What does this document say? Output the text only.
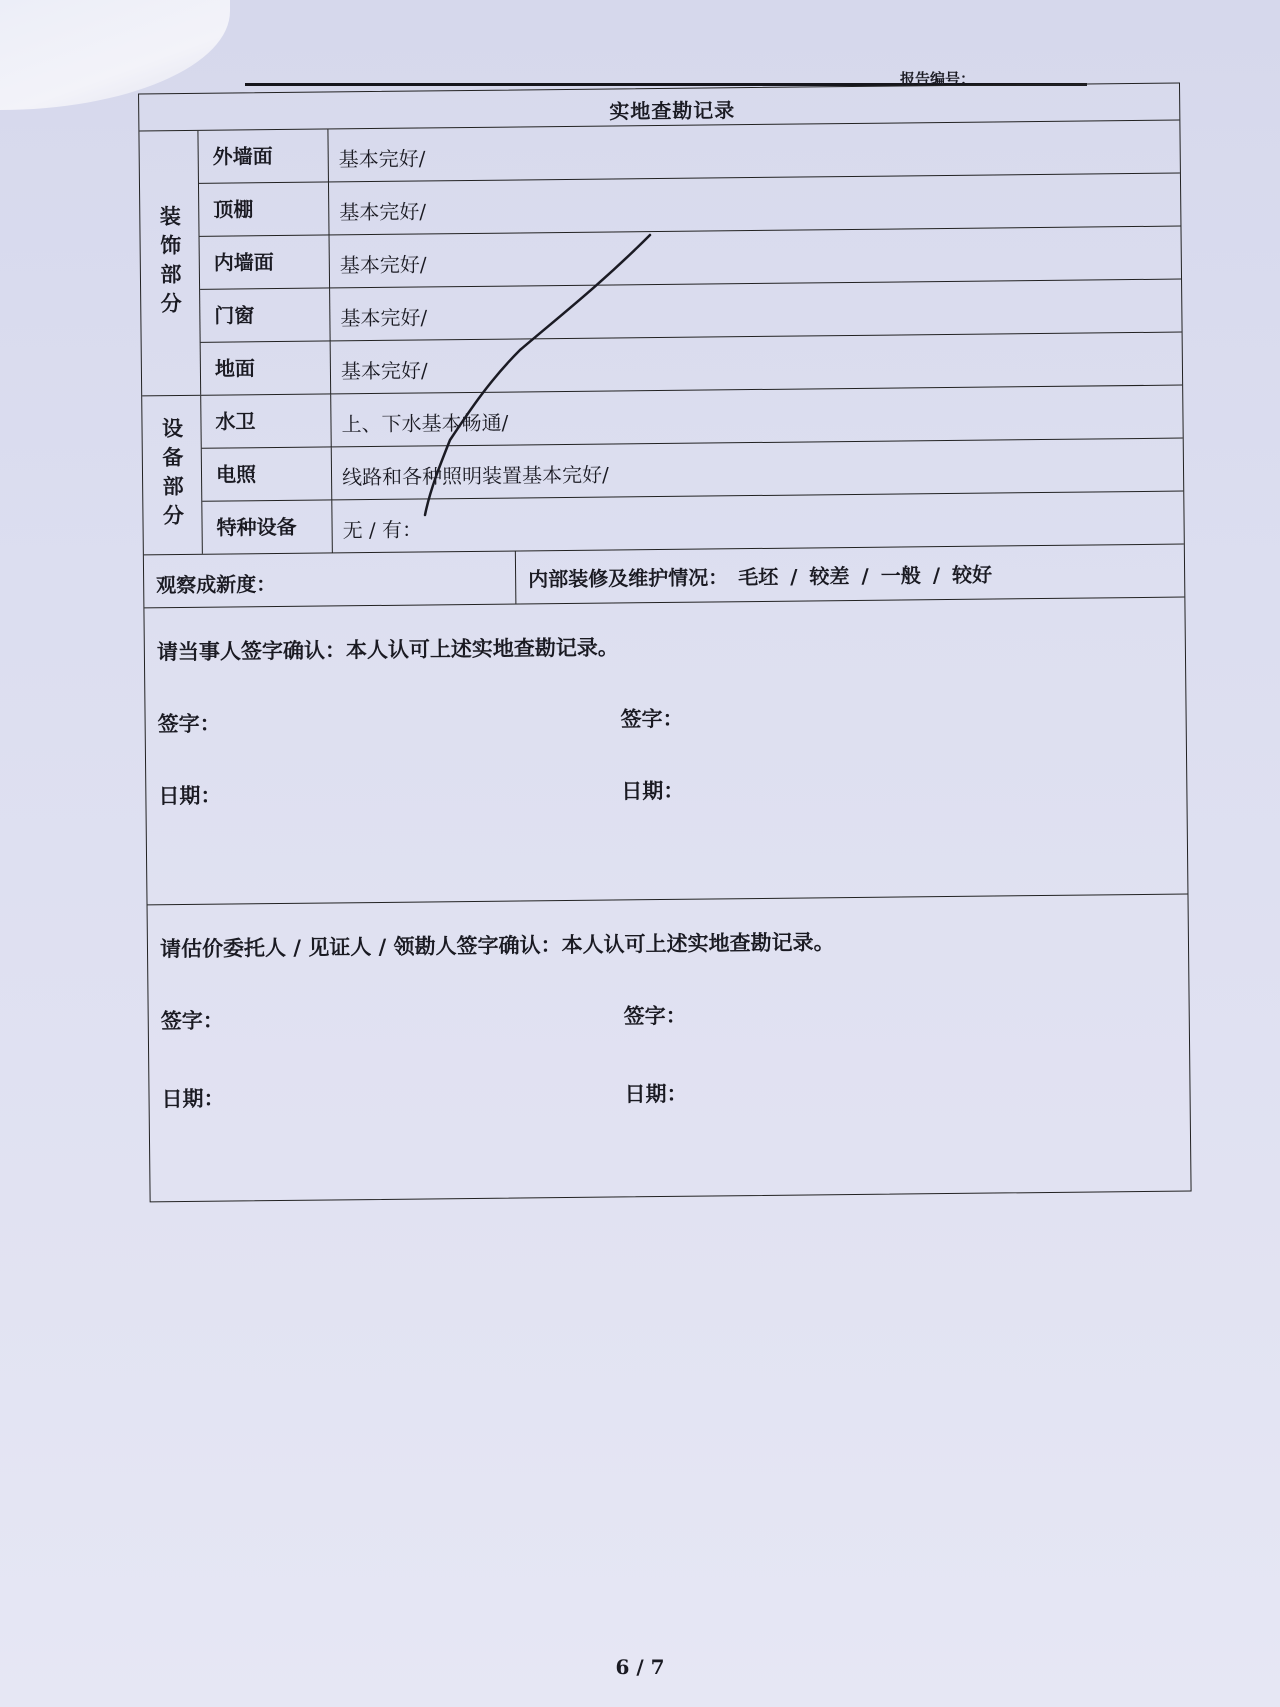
报告编号：
实地查勘记录
装饰部分
外墙面	基本完好/
顶棚	基本完好/
内墙面	基本完好/
门窗	基本完好/
地面	基本完好/
设备部分	水卫	上、下水基本畅通/
电照	线路和各种照明装置基本完好/
特种设备	无 / 有：
观察成新度：	内部装修及维护情况： 毛坯 / 较差 / 一般 / 较好
请当事人签字确认：本人认可上述实地查勘记录。
签字：	签字：
日期：	日期：
请估价委托人 / 见证人 / 领勘人签字确认：本人认可上述实地查勘记录。
签字：	签字：
日期：	日期：
6 / 7
